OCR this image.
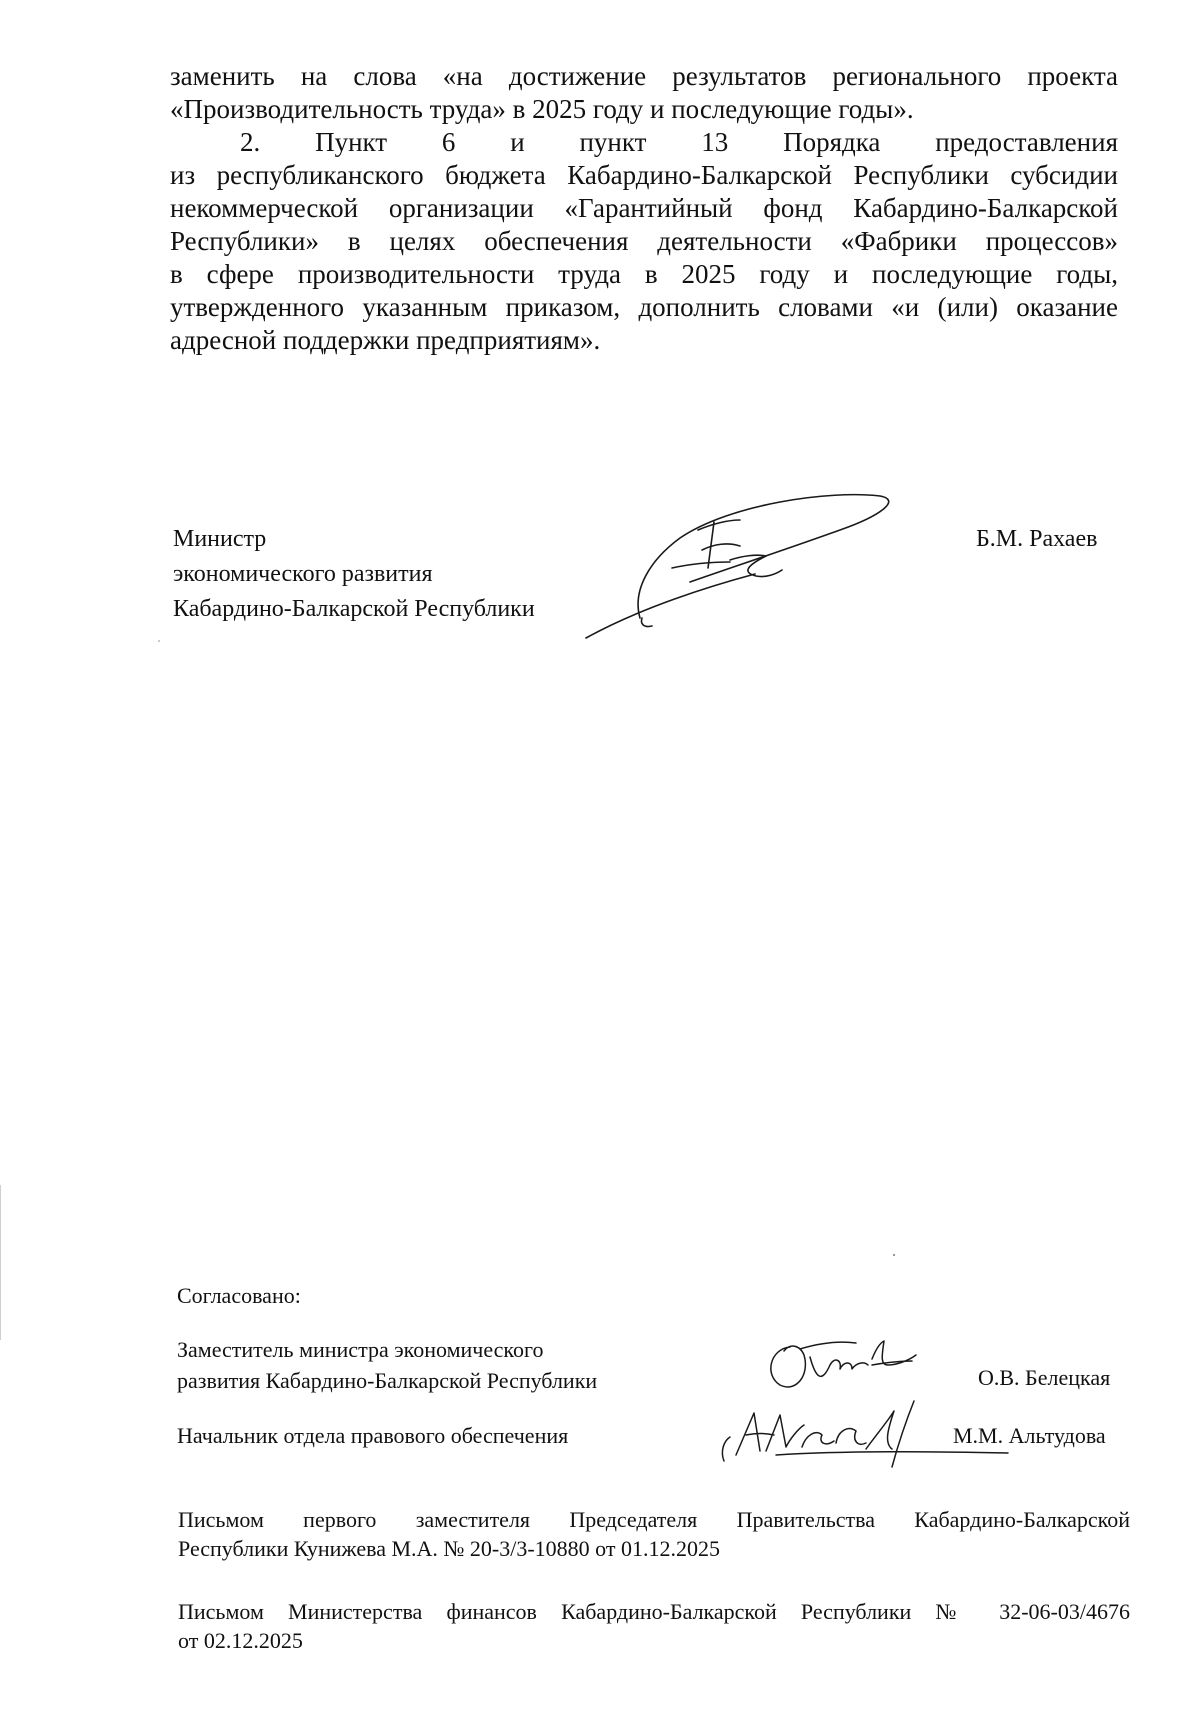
заменить на слова «на достижение результатов регионального проекта
«Производительность труда» в 2025 году и последующие годы».
2. Пункт 6 и пункт 13 Порядка предоставления
из республиканского бюджета Кабардино-Балкарской Республики субсидии
некоммерческой организации «Гарантийный фонд Кабардино-Балкарской
Республики» в целях обеспечения деятельности «Фабрики процессов»
в сфере производительности труда в 2025 году и последующие годы,
утвержденного указанным приказом, дополнить словами «и (или) оказание
адресной поддержки предприятиям».
Министр
экономического развития
Кабардино-Балкарской Республики
Б.М. Рахаев
Согласовано:
Заместитель министра экономического
развития Кабардино-Балкарской Республики	О.В. Белецкая
Начальник отдела правового обеспечения	М.М. Альтудова
Письмом первого заместителя Председателя Правительства Кабардино-Балкарской
Республики Кунижева М.А. № 20-3/3-10880 от 01.12.2025
Письмом Министерства финансов Кабардино-Балкарской Республики № 32-06-03/4676
от 02.12.2025
